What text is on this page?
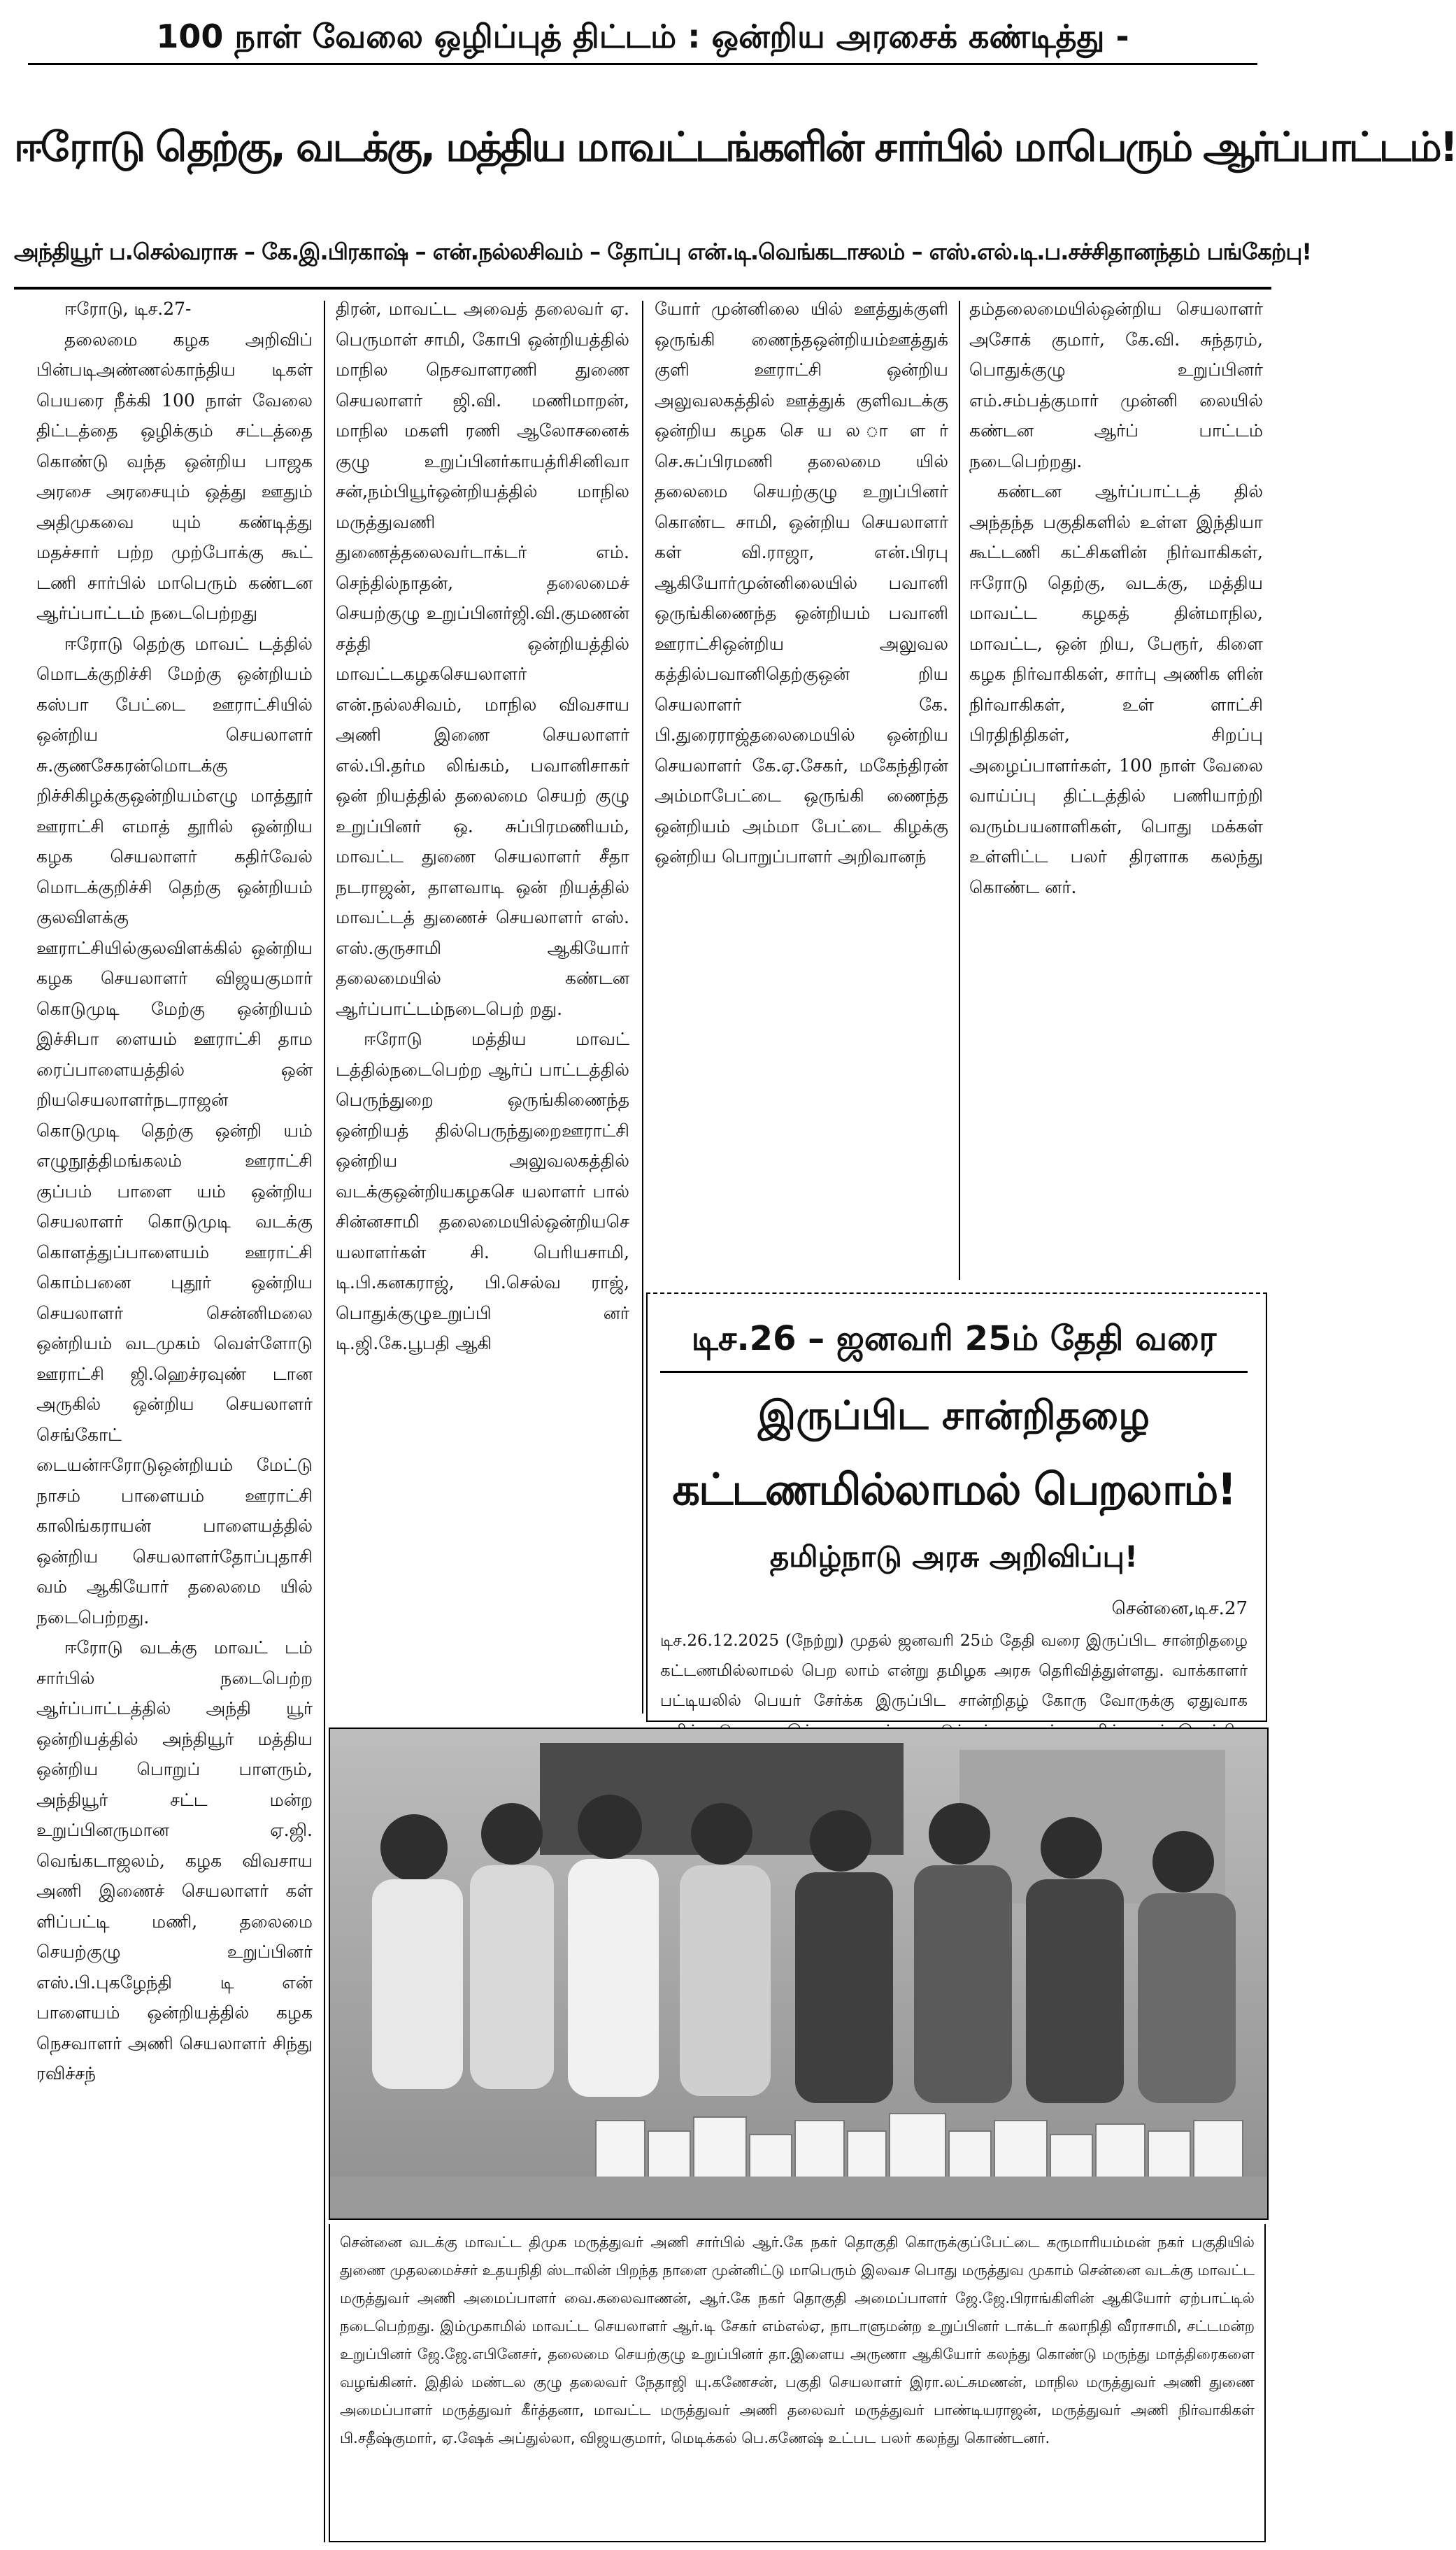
100 நாள் வேலை ஒழிப்புத் திட்டம் : ஒன்றிய அரசைக் கண்டித்து -
ஈரோடு தெற்கு, வடக்கு, மத்திய மாவட்டங்களின் சார்பில் மாபெரும் ஆர்ப்பாட்டம்!
அந்தியூர் ப.செல்வராசு – கே.இ.பிரகாஷ் – என்.நல்லசிவம் – தோப்பு என்.டி.வெங்கடாசலம் – எஸ்.எல்.டி.ப.சச்சிதானந்தம் பங்கேற்பு!

ஈரோடு, டிச.27-

தலைமை கழக அறிவிப் பின்படிஅண்ணல்காந்திய டிகள் பெயரை நீக்கி 100 நாள் வேலை திட்டத்தை ஒழிக்கும் சட்டத்தை கொண்டு வந்த ஒன்றிய பாஜக அரசை அரசையும் ஒத்து ஊதும் அதிமுகவை யும் கண்டித்து மதச்சார் பற்ற முற்போக்கு கூட் டணி சார்பில் மாபெரும் கண்டன ஆர்ப்பாட்டம் நடைபெற்றது

ஈரோடு தெற்கு மாவட் டத்தில் மொடக்குறிச்சி மேற்கு ஒன்றியம் கஸ்பா பேட்டை ஊராட்சியில் ஒன்றிய செயலாளர் சு.குணசேகரன்மொடக்கு றிச்சிகிழக்குஒன்றியம்எழு மாத்தூர் ஊராட்சி எமாத் தூரில் ஒன்றிய கழக செயலாளர் கதிர்வேல் மொடக்குறிச்சி தெற்கு ஒன்றியம் குலவிளக்கு ஊராட்சியில்குலவிளக்கில் ஒன்றிய கழக செயலாளர் விஜயகுமார் கொடுமுடி மேற்கு ஒன்றியம் இச்சிபா ளையம் ஊராட்சி தாம ரைப்பாளையத்தில் ஒன் றியசெயலாளர்நடராஜன் கொடுமுடி தெற்கு ஒன்றி யம் எழுநூத்திமங்கலம் ஊராட்சி குப்பம் பாளை யம் ஒன்றிய செயலாளர் கொடுமுடி வடக்கு கொளத்துப்பாளையம் ஊராட்சி கொம்பனை புதூர் ஒன்றிய செயலாளர் சென்னிமலை ஒன்றியம் வடமுகம் வெள்ளோடு ஊராட்சி ஜி.ஹெச்ரவுண் டான அருகில் ஒன்றிய செயலாளர் செங்கோட் டையன்ஈரோடுஒன்றியம் மேட்டு நாசம் பாளையம் ஊராட்சி காலிங்கராயன் பாளையத்தில் ஒன்றிய செயலாளர்தோப்புதாசி வம் ஆகியோர் தலைமை யில் நடைபெற்றது.

ஈரோடு வடக்கு மாவட் டம் சார்பில் நடைபெற்ற ஆர்ப்பாட்டத்தில் அந்தி யூர் ஒன்றியத்தில் அந்தியூர் மத்திய ஒன்றிய பொறுப் பாளரும், அந்தியூர் சட்ட மன்ற உறுப்பினருமான ஏ.ஜி. வெங்கடாஜலம், கழக விவசாய அணி இணைச் செயலாளர் கள் ளிப்பட்டி மணி, தலைமை செயற்குழு உறுப்பினர் எஸ்.பி.புகழேந்தி டி என் பாளையம் ஒன்றியத்தில் கழக நெசவாளர் அணி செயலாளர் சிந்து ரவிச்சந்

திரன், மாவட்ட அவைத் தலைவர் ஏ. பெருமாள் சாமி, கோபி ஒன்றியத்தில் மாநில நெசவாளரணி துணை செயலாளர் ஜி.வி. மணிமாறன், மாநில மகளி ரணி ஆலோசனைக் குழு உறுப்பினர்காயத்ரிசினிவா சன்,நம்பியூர்ஒன்றியத்தில் மாநில மருத்துவணி துணைத்தலைவர்டாக்டர் எம். செந்தில்நாதன், தலைமைச் செயற்குழு உறுப்பினர்ஜி.வி.குமணன் சத்தி ஒன்றியத்தில் மாவட்டகழகசெயலாளர் என்.நல்லசிவம், மாநில விவசாய அணி இணை செயலாளர் எல்.பி.தர்ம லிங்கம், பவானிசாகர் ஒன் றியத்தில் தலைமை செயற் குழு உறுப்பினர் ஒ. சுப்பிரமணியம், மாவட்ட துணை செயலாளர் சீதா நடராஜன், தாளவாடி ஒன் றியத்தில் மாவட்டத் துணைச் செயலாளர் எஸ். எஸ்.குருசாமி ஆகியோர் தலைமையில் கண்டன ஆர்ப்பாட்டம்நடைபெற் றது.

ஈரோடு மத்திய மாவட் டத்தில்நடைபெற்ற ஆர்ப் பாட்டத்தில் பெருந்துறை ஒருங்கிணைந்த ஒன்றியத் தில்பெருந்துறைஊராட்சி ஒன்றிய அலுவலகத்தில் வடக்குஒன்றியகழகசெ யலாளர் பால் சின்னசாமி தலைமையில்ஒன்றியசெ யலாளர்கள் சி. பெரியசாமி, டி.பி.கனகராஜ், பி.செல்வ ராஜ், பொதுக்குழுஉறுப்பி னர் டி.ஜி.கே.பூபதி ஆகி

யோர் முன்னிலை யில் ஊத்துக்குளி ஒருங்கி ணைந்தஒன்றியம்ஊத்துக் குளி ஊராட்சி ஒன்றிய அலுவலகத்தில் ஊத்துக் குளிவடக்கு ஒன்றிய கழக செ ய ல ா ள ர் செ.சுப்பிரமணி தலைமை யில் தலைமை செயற்குழு உறுப்பினர் கொண்ட சாமி, ஒன்றிய செயலாளர் கள் வி.ராஜா, என்.பிரபு ஆகியோர்முன்னிலையில் பவானி ஒருங்கிணைந்த ஒன்றியம் பவானி ஊராட்சிஒன்றிய அலுவல கத்தில்பவானிதெற்குஒன் றிய செயலாளர் கே. பி.துரைராஜ்தலைமையில் ஒன்றிய செயலாளர் கே.ஏ.சேகர், மகேந்திரன் அம்மாபேட்டை ஒருங்கி ணைந்த ஒன்றியம் அம்மா பேட்டை கிழக்கு ஒன்றிய பொறுப்பாளர் அறிவானந்

தம்தலைமையில்ஒன்றிய செயலாளர் அசோக் குமார், கே.வி. சுந்தரம், பொதுக்குழு உறுப்பினர் எம்.சம்பத்குமார் முன்னி லையில் கண்டன ஆர்ப் பாட்டம் நடைபெற்றது.

கண்டன ஆர்ப்பாட்டத் தில் அந்தந்த பகுதிகளில் உள்ள இந்தியா கூட்டணி கட்சிகளின் நிர்வாகிகள், ஈரோடு தெற்கு, வடக்கு, மத்திய மாவட்ட கழகத் தின்மாநில, மாவட்ட, ஒன் றிய, பேரூர், கிளை கழக நிர்வாகிகள், சார்பு அணிக ளின் நிர்வாகிகள், உள் ளாட்சி பிரதிநிதிகள், சிறப்பு அழைப்பாளர்கள், 100 நாள் வேலை வாய்ப்பு திட்டத்தில் பணியாற்றி வரும்பயனாளிகள், பொது மக்கள் உள்ளிட்ட பலர் திரளாக கலந்து கொண்ட னர்.

டிச.26 – ஜனவரி 25ம் தேதி வரை
இருப்பிட சான்றிதழை
கட்டணமில்லாமல் பெறலாம்!
தமிழ்நாடு அரசு அறிவிப்பு!
சென்னை,டிச.27
டிச.26.12.2025 (நேற்று) முதல் ஜனவரி 25ம் தேதி வரை இருப்பிட சான்றிதழை கட்டணமில்லாமல் பெற லாம் என்று தமிழக அரசு தெரிவித்துள்ளது. வாக்காளர் பட்டியலில் பெயர் சேர்க்க இருப்பிட சான்றிதழ் கோரு வோருக்கு ஏதுவாக
சென்னை வடக்கு மாவட்ட திமுக மருத்துவர் அணி சார்பில் ஆர்.கே நகர் தொகுதி கொருக்குப்பேட்டை கருமாரியம்மன் நகர் பகுதியில் துணை முதலமைச்சர் உதயநிதி ஸ்டாலின் பிறந்த நாளை முன்னிட்டு மாபெரும் இலவச பொது மருத்துவ முகாம் சென்னை வடக்கு மாவட்ட மருத்துவர் அணி அமைப்பாளர் வை.கலைவாணன், ஆர்.கே நகர் தொகுதி அமைப்பாளர் ஜே.ஜே.பிராங்கிளின் ஆகியோர் ஏற்பாட்டில் நடைபெற்றது. இம்முகாமில் மாவட்ட செயலாளர் ஆர்.டி சேகர் எம்எல்ஏ, நாடாளுமன்ற உறுப்பினர் டாக்டர் கலாநிதி வீராசாமி, சட்டமன்ற உறுப்பினர் ஜே.ஜே.எபினேசர், தலைமை செயற்குழு உறுப்பினர் தா.இளைய அருணா ஆகியோர் கலந்து கொண்டு மருந்து மாத்திரைகளை வழங்கினர். இதில் மண்டல குழு தலைவர் நேதாஜி யு.கணேசன், பகுதி செயலாளர் இரா.லட்சுமணன், மாநில மருத்துவர் அணி துணை அமைப்பாளர் மருத்துவர் கீர்த்தனா, மாவட்ட மருத்துவர் அணி தலைவர் மருத்துவர் பாண்டியராஜன், மருத்துவர் அணி நிர்வாகிகள் பி.சதீஷ்குமார், ஏ.ஷேக் அப்துல்லா, விஜயகுமார், மெடிக்கல் பெ.கணேஷ் உட்பட பலர் கலந்து கொண்டனர்.
